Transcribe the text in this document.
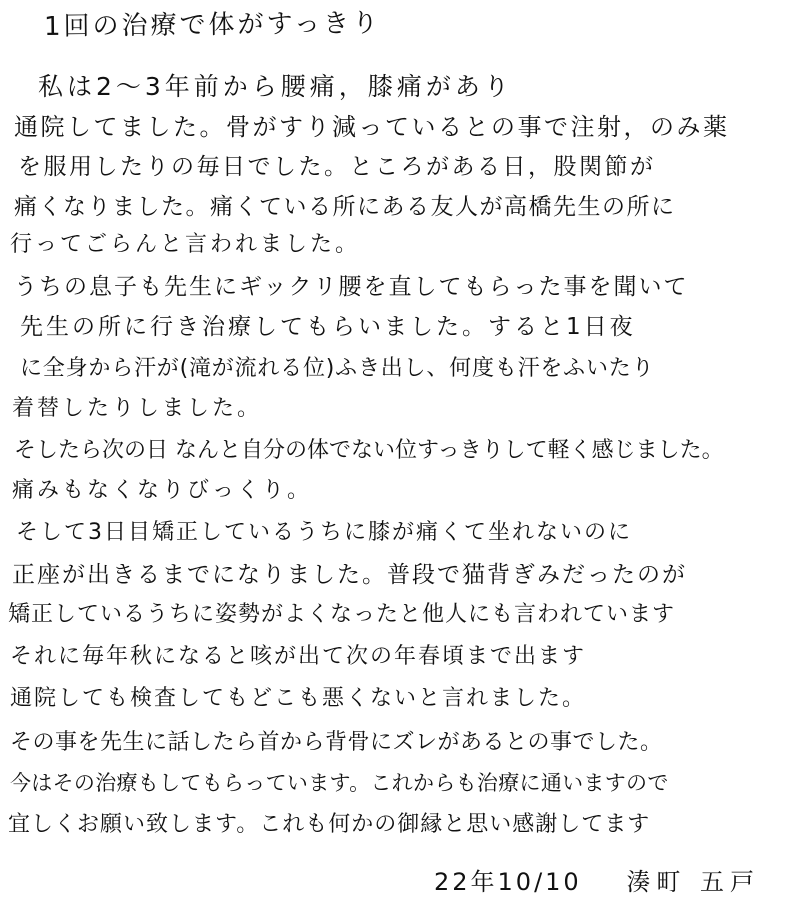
1回の治療で体がすっきり
私は2～3年前から腰痛，膝痛があり
通院してました。骨がすり減っているとの事で注射，のみ薬
を服用したりの毎日でした。ところがある日，股関節が
痛くなりました。痛くている所にある友人が高橋先生の所に
行ってごらんと言われました。
うちの息子も先生にギックリ腰を直してもらった事を聞いて
先生の所に行き治療してもらいました。すると1日夜
に全身から汗が(滝が流れる位)ふき出し、何度も汗をふいたり
着替したりしました。
そしたら次の日 なんと自分の体でない位すっきりして軽く感じました。
痛みもなくなりびっくり。
そして3日目矯正しているうちに膝が痛くて坐れないのに
正座が出きるまでになりました。普段で猫背ぎみだったのが
矯正しているうちに姿勢がよくなったと他人にも言われています
それに毎年秋になると咳が出て次の年春頃まで出ます
通院しても検査してもどこも悪くないと言れました。
その事を先生に話したら首から背骨にズレがあるとの事でした。
今はその治療もしてもらっています。これからも治療に通いますので
宜しくお願い致します。これも何かの御縁と思い感謝してます
22年10/10 湊町 五戸
